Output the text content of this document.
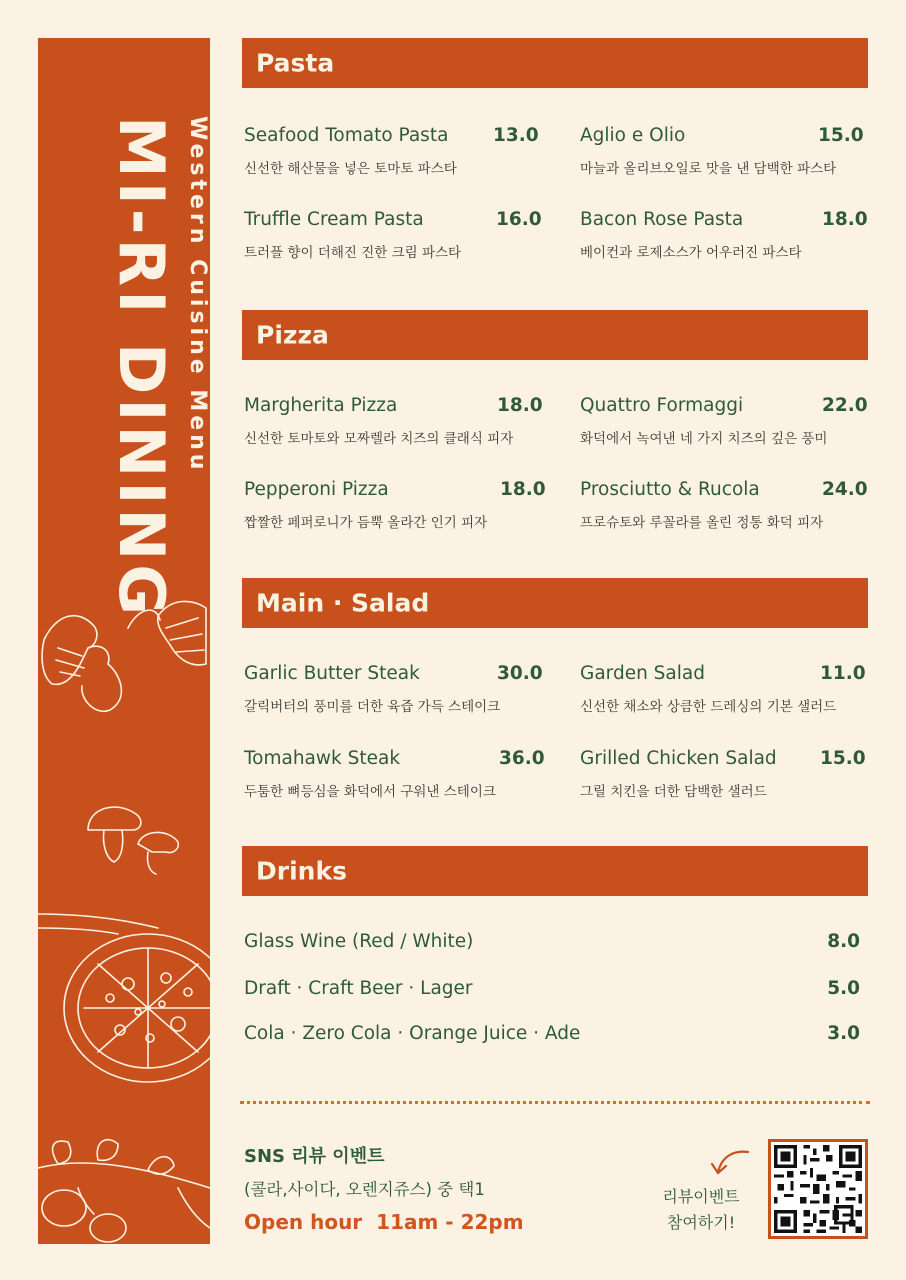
MI-RI DINING Western Cuisine Menu
Pasta
Seafood Tomato Pasta 13.0
신선한 해산물을 넣은 토마토 파스타
Aglio e Olio	15.0
마늘과 올리브오일로 맛을 낸 담백한 파스타
Truffle Cream Pasta	16.0
트러플 향이 더해진 진한 크림 파스타
Bacon Rose Pasta	18.0
베이컨과 로제소스가 어우러진 파스타
Pizza
Margherita Pizza	18.0
신선한 토마토와 모짜렐라 치즈의 클래식 피자
Quattro Formaggi	22.0
화덕에서 녹여낸 네 가지 치즈의 깊은 풍미
Pepperoni Pizza	18.0
짭짤한 페퍼로니가 듬뿍 올라간 인기 피자
Prosciutto & Rucola	24.0
프로슈토와 루꼴라를 올린 정통 화덕 피자
Main · Salad
Garlic Butter Steak	30.0
갈릭버터의 풍미를 더한 육즙 가득 스테이크
Garden Salad	11.0
신선한 채소와 상큼한 드레싱의 기본 샐러드
Tomahawk Steak	36.0
두툼한 뼈등심을 화덕에서 구워낸 스테이크
Grilled Chicken Salad 15.0
그릴 치킨을 더한 담백한 샐러드
Drinks
Glass Wine (Red / White)	8.0
Draft · Craft Beer · Lager	5.0
Cola · Zero Cola · Orange Juice · Ade	3.0
SNS 리뷰 이벤트
(콜라,사이다, 오렌지쥬스) 중 택1
Open hour 11am - 22pm
리뷰이벤트
참여하기!
